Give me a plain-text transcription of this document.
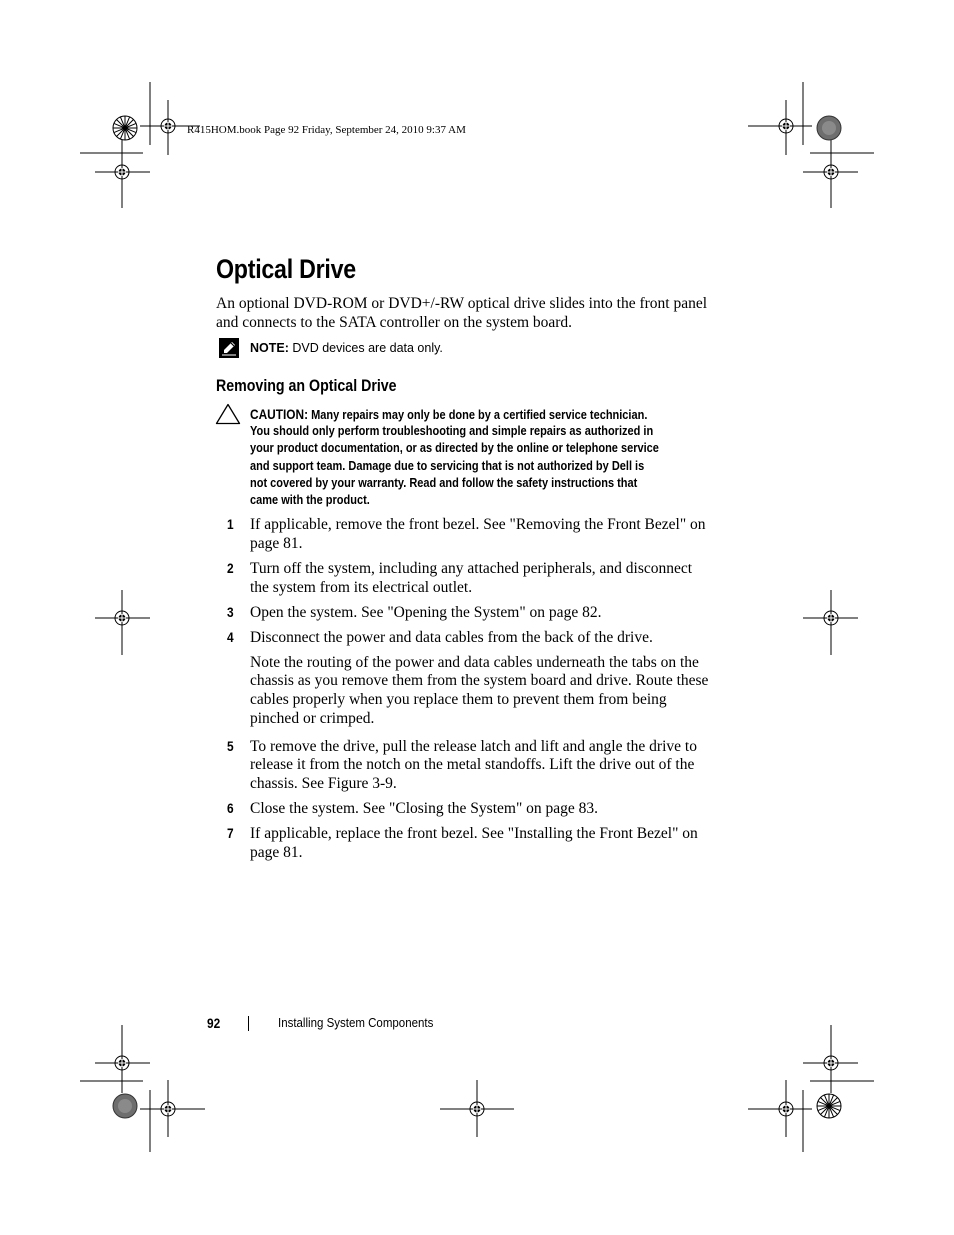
R415HOM.book Page 92 Friday, September 24, 2010 9:37 AM
Optical Drive
An optional DVD-ROM or DVD+/-RW optical drive slides into the front panel
and connects to the SATA controller on the system board.
NOTE: DVD devices are data only.
Removing an Optical Drive
CAUTION: Many repairs may only be done by a certified service technician.
You should only perform troubleshooting and simple repairs as authorized in
your product documentation, or as directed by the online or telephone service
and support team. Damage due to servicing that is not authorized by Dell is
not covered by your warranty. Read and follow the safety instructions that
came with the product.
1 If applicable, remove the front bezel. See "Removing the Front Bezel" on
page 81.
2 Turn off the system, including any attached peripherals, and disconnect
the system from its electrical outlet.
3 Open the system. See "Opening the System" on page 82.
4 Disconnect the power and data cables from the back of the drive.
Note the routing of the power and data cables underneath the tabs on the
chassis as you remove them from the system board and drive. Route these
cables properly when you replace them to prevent them from being
pinched or crimped.
5 To remove the drive, pull the release latch and lift and angle the drive to
release it from the notch on the metal standoffs. Lift the drive out of the
chassis. See Figure 3-9.
6 Close the system. See "Closing the System" on page 83.
7 If applicable, replace the front bezel. See "Installing the Front Bezel" on
page 81.
92	Installing System Components
